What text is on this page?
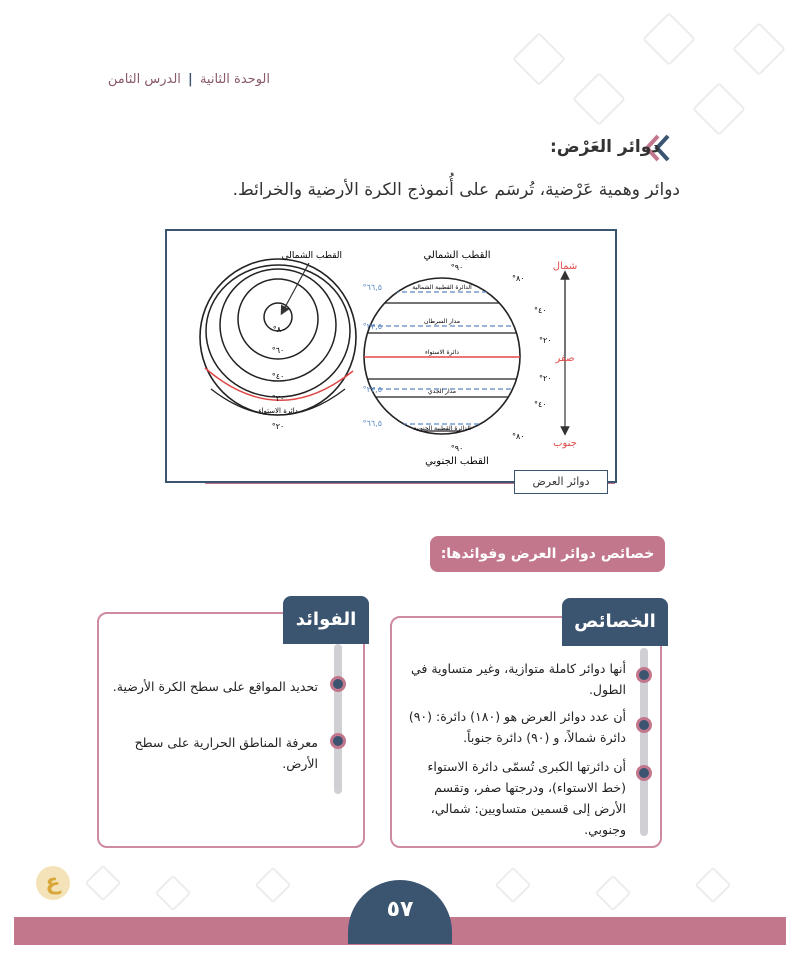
الوحدة الثانية | الدرس الثامن
دوائر العَرْض:
دوائر وهمية عَرْضية، تُرسَم على أُنموذج الكرة الأرضية والخرائط.
القطب الشمالي
°٨٠
°٦٠
°٤٠
°٢٠
دائرة الاستواء
°٢٠
الدائرة القطبية الشمالية
مدار السرطان
دائرة الاستواء
مدار الجدي
الدائرة القطبية الجنوبية
القطب الشمالي
°٩٠
°٩٠
القطب الجنوبي
°٨٠
°٤٠
°٢٠
°٢٠
°٤٠
°٨٠
°٦٦,٥
°٢٣,٥
°٢٣,٥
°٦٦,٥
شمال
صفر
جنوب
دوائر العرض
خصائص دوائر العرض وفوائدها:
الخصائص
أنها دوائر كاملة متوازية، وغير متساوية في الطول.
أن عدد دوائر العرض هو (١٨٠) دائرة: (٩٠) دائرة شمالاً، و (٩٠) دائرة جنوباً.
أن دائرتها الكبرى تُسمّى دائرة الاستواء (خط الاستواء)، ودرجتها صفر، وتقسم الأرض إلى قسمين متساويين: شمالي، وجنوبي.
الفوائد
تحديد المواقع على سطح الكرة الأرضية.
معرفة المناطق الحرارية على سطح الأرض.
٥٧
ع
